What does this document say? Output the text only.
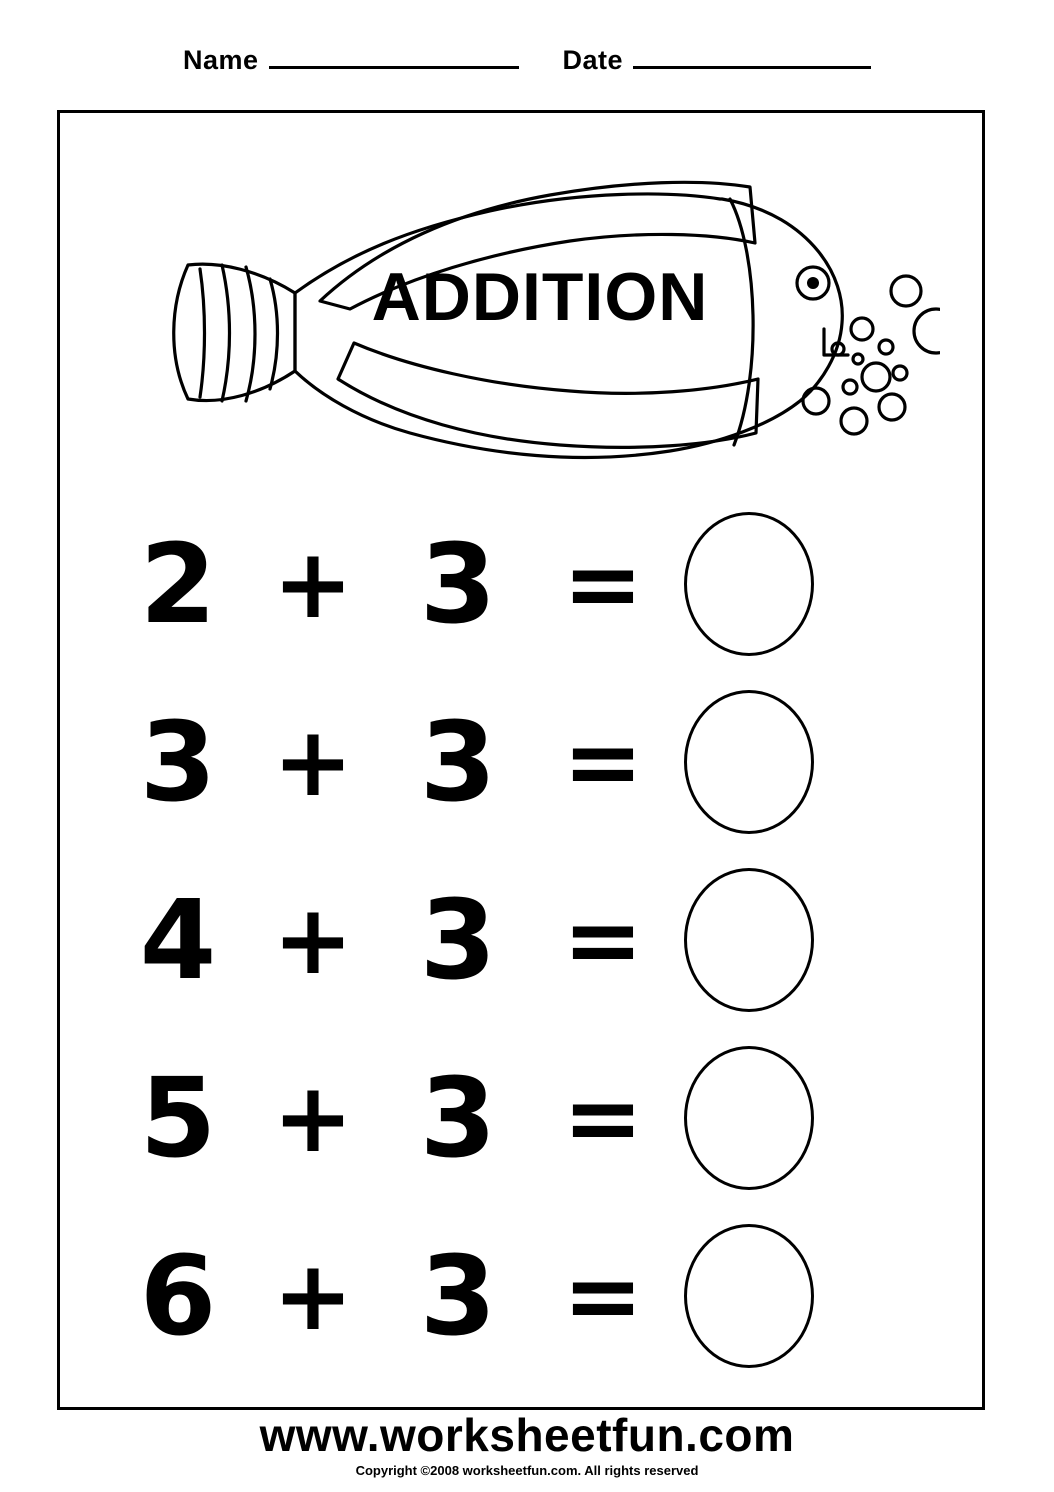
Name	Date
ADDITION
2 + 3 =
3 + 3 =
4 + 3 =
5 + 3 =
6 + 3 =
www.worksheetfun.com
Copyright ©2008 worksheetfun.com. All rights reserved
